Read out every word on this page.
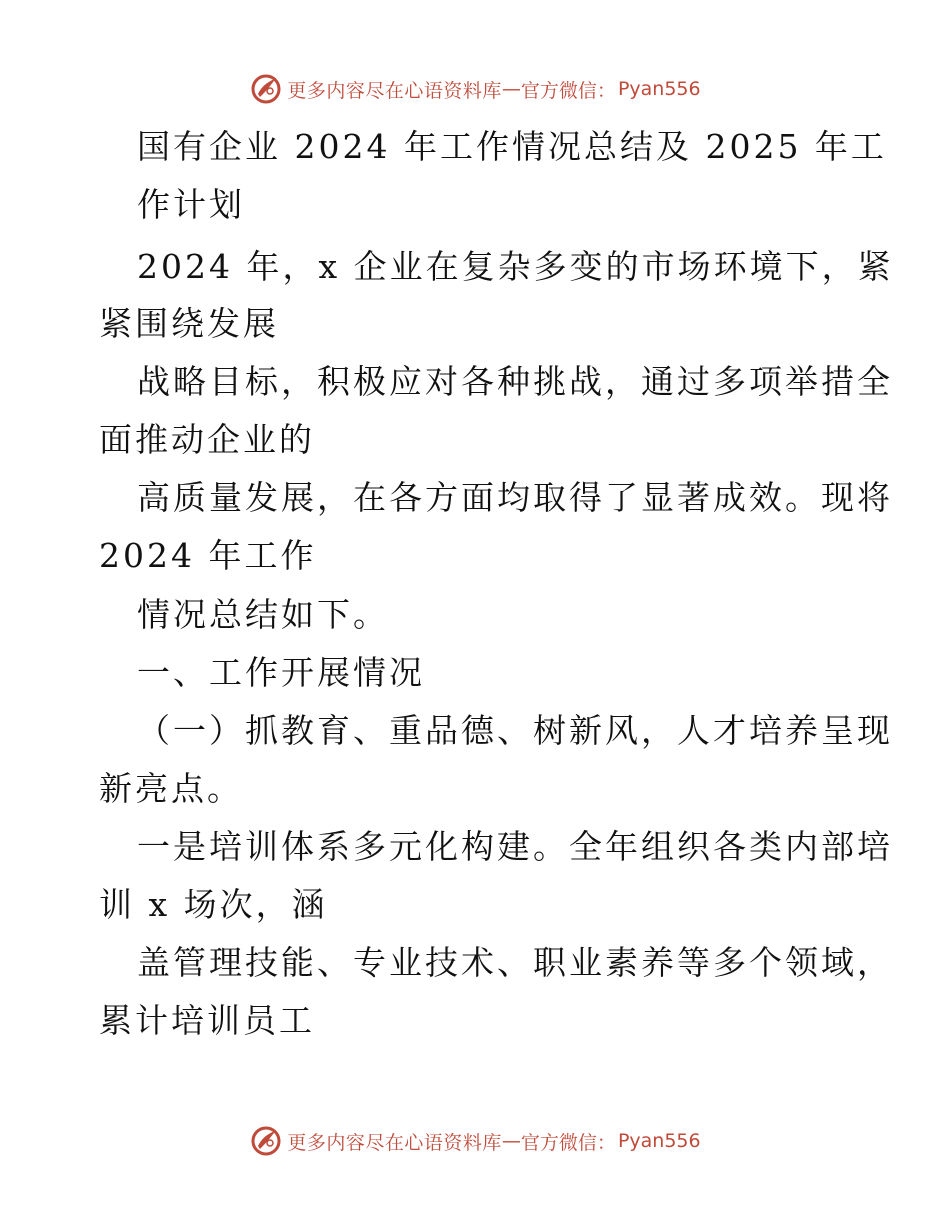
更多内容尽在心语资料库 — 官方微信： Pyan556
国有企业 2024 年工作情况总结及 2025 年工
作计划
2024 年，x 企业在复杂多变的市场环境下，紧
紧围绕发展
战略目标，积极应对各种挑战，通过多项举措全
面推动企业的
高质量发展，在各方面均取得了显著成效。现将
2024 年工作
情况总结如下。
一、工作开展情况
（一）抓教育、重品德、树新风，人才培养呈现
新亮点。
一是培训体系多元化构建。全年组织各类内部培
训 x 场次，涵
盖管理技能、专业技术、职业素养等多个领域，
累计培训员工
更多内容尽在心语资料库 — 官方微信： Pyan556
